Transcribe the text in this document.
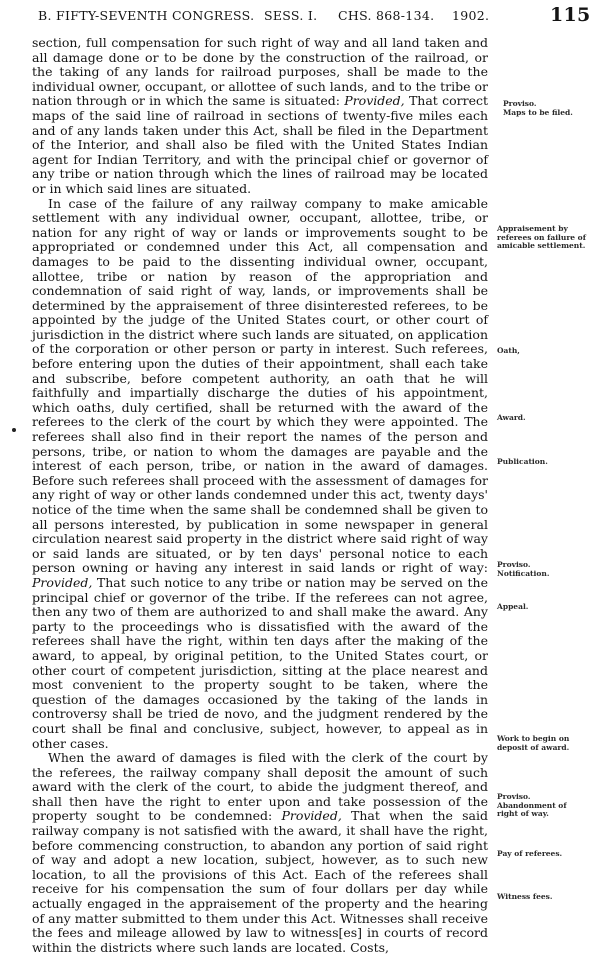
B. FIFTY-SEVENTH CONGRESS. SESS. I. CHS. 868-134. 1902.	115

section, full compensation for such right of way and all land taken and all damage done or to be done by the construction of the railroad, or the taking of any lands for railroad purposes, shall be made to the individual owner, occupant, or allottee of such lands, and to the tribe or nation through or in which the same is situated: Provided, That correct maps of the said line of railroad in sections of twenty-five miles each and of any lands taken under this Act, shall be filed in the Department of the Interior, and shall also be filed with the United States Indian agent for Indian Territory, and with the principal chief or governor of any tribe or nation through which the lines of railroad may be located or in which said lines are situated.

In case of the failure of any railway company to make amicable settlement with any individual owner, occupant, allottee, tribe, or nation for any right of way or lands or improvements sought to be appropriated or condemned under this Act, all compensation and damages to be paid to the dissenting individual owner, occupant, allottee, tribe or nation by reason of the appropriation and condemnation of said right of way, lands, or improvements shall be determined by the appraisement of three disinterested referees, to be appointed by the judge of the United States court, or other court of jurisdiction in the district where such lands are situated, on application of the corporation or other person or party in interest. Such referees, before entering upon the duties of their appointment, shall each take and subscribe, before competent authority, an oath that he will faithfully and impartially discharge the duties of his appointment, which oaths, duly certified, shall be returned with the award of the referees to the clerk of the court by which they were appointed. The referees shall also find in their report the names of the person and persons, tribe, or nation to whom the damages are payable and the interest of each person, tribe, or nation in the award of damages. Before such referees shall proceed with the assessment of damages for any right of way or other lands condemned under this act, twenty days' notice of the time when the same shall be condemned shall be given to all persons interested, by publication in some newspaper in general circulation nearest said property in the district where said right of way or said lands are situated, or by ten days' personal notice to each person owning or having any interest in said lands or right of way: Provided, That such notice to any tribe or nation may be served on the principal chief or governor of the tribe. If the referees can not agree, then any two of them are authorized to and shall make the award. Any party to the proceedings who is dissatisfied with the award of the referees shall have the right, within ten days after the making of the award, to appeal, by original petition, to the United States court, or other court of competent jurisdiction, sitting at the place nearest and most convenient to the property sought to be taken, where the question of the damages occasioned by the taking of the lands in controversy shall be tried de novo, and the judgment rendered by the court shall be final and conclusive, subject, however, to appeal as in other cases.

When the award of damages is filed with the clerk of the court by the referees, the railway company shall deposit the amount of such award with the clerk of the court, to abide the judgment thereof, and shall then have the right to enter upon and take possession of the property sought to be condemned: Provided, That when the said railway company is not satisfied with the award, it shall have the right, before commencing construction, to abandon any portion of said right of way and adopt a new location, subject, however, as to such new location, to all the provisions of this Act. Each of the referees shall receive for his compensation the sum of four dollars per day while actually engaged in the appraisement of the property and the hearing of any matter submitted to them under this Act. Witnesses shall receive the fees and mileage allowed by law to witness[es] in courts of record within the districts where such lands are located. Costs,

Proviso.
Maps to be filed.
Appraisement by
referees on failure of
amicable settlement.
Oath,
Award.
Publication.
Proviso.
Notification.
Appeal.
Work to begin on
deposit of award.
Proviso.
Abandonment of
right of way.
Pay of referees.
Witness fees.
